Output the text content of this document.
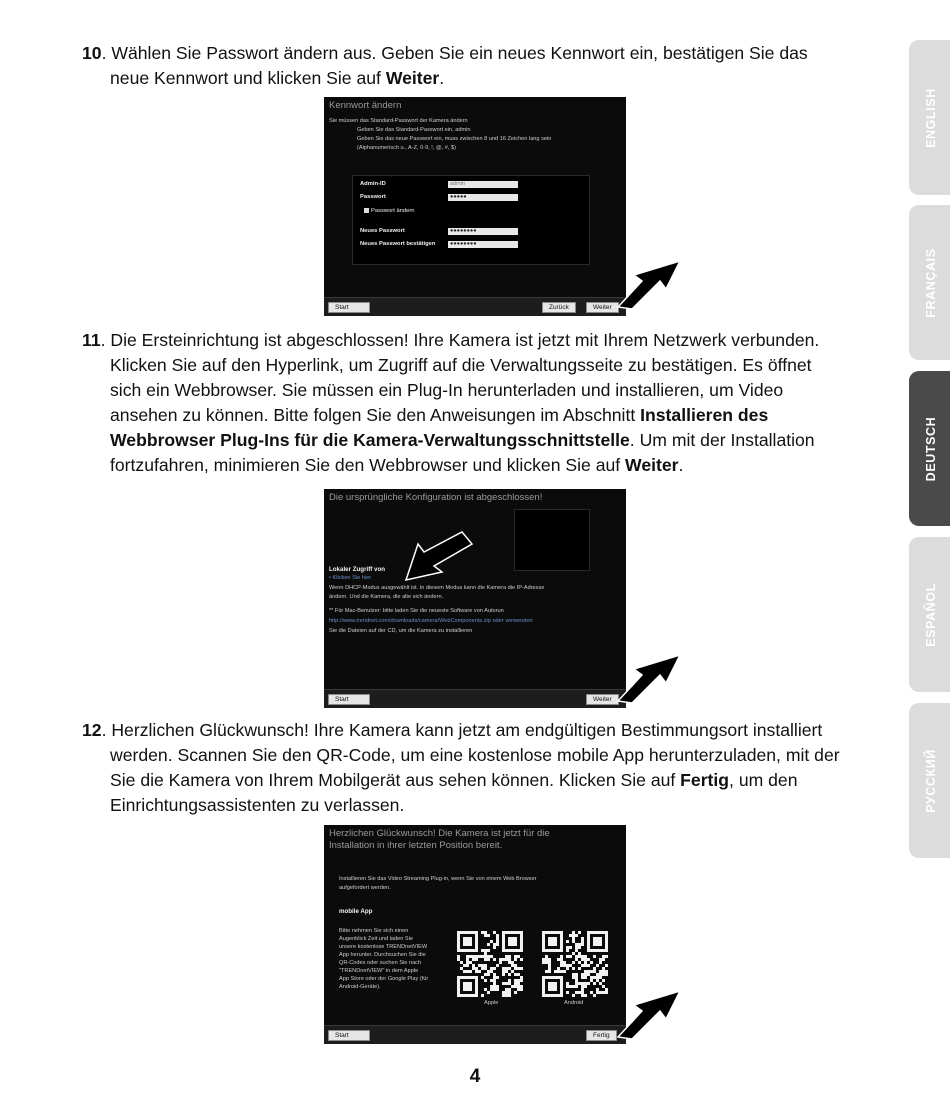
ENGLISH
FRANÇAIS
DEUTSCH
ESPAÑOL
РУССКИЙ
10. Wählen Sie Passwort ändern aus. Geben Sie ein neues Kennwort ein, bestätigen Sie das
neue Kennwort und klicken Sie auf Weiter.
Kennwort ändern
Sie müssen das Standard-Passwort der Kamera ändern
Geben Sie das Standard-Passwort ein, admin
Geben Sie das neue Passwort ein, muss zwischen 8 und 16 Zeichen lang sein
(Alphanumerisch u., A-Z, 0-9, !, @, #, $)
Admin-ID	admin
Passwort	●●●●●
Passwort ändern
Neues Passwort	●●●●●●●●
Neues Passwort bestätigen	●●●●●●●●
Start	Zurück	Weiter
11. Die Ersteinrichtung ist abgeschlossen! Ihre Kamera ist jetzt mit Ihrem Netzwerk verbunden.
Klicken Sie auf den Hyperlink, um Zugriff auf die Verwaltungsseite zu bestätigen. Es öffnet
sich ein Webbrowser. Sie müssen ein Plug-In herunterladen und installieren, um Video
ansehen zu können. Bitte folgen Sie den Anweisungen im Abschnitt Installieren des
Webbrowser Plug-Ins für die Kamera-Verwaltungsschnittstelle. Um mit der Installation
fortzufahren, minimieren Sie den Webbrowser und klicken Sie auf Weiter.
Die ursprüngliche Konfiguration ist abgeschlossen!
Lokaler Zugriff von
• Klicken Sie hier
Wenn DHCP-Modus ausgewählt ist. In diesem Modus kann die Kamera die IP-Adresse
ändern. Und die Kamera, die alte sich ändern.
** Für Mac-Benutzer: bitte laden Sie die neueste Software von Autorun
http://www.trendnet.com/downloads/camera/WebComponents.zip oder verwenden
Sie die Dateien auf der CD, um die Kamera zu installieren
Start	Weiter
12. Herzlichen Glückwunsch! Ihre Kamera kann jetzt am endgültigen Bestimmungsort installiert
werden. Scannen Sie den QR-Code, um eine kostenlose mobile App herunterzuladen, mit der
Sie die Kamera von Ihrem Mobilgerät aus sehen können. Klicken Sie auf Fertig, um den
Einrichtungsassistenten zu verlassen.
Herzlichen Glückwunsch! Die Kamera ist jetzt für die
Installation in ihrer letzten Position bereit.
Installieren Sie das Video Streaming Plug-in, wenn Sie von einem Web Browser
aufgefordert werden.
mobile App
Bitte nehmen Sie sich einen
Augenblick Zeit und laden Sie
unsere kostenlose TRENDnetVIEW
App herunter. Durchsuchen Sie die
QR-Codes oder suchen Sie nach
"TRENDnetVIEW" in dem Apple
App Store oder der Google Play (für
Android-Geräte).
Apple	Android
Start	Fertig
4
